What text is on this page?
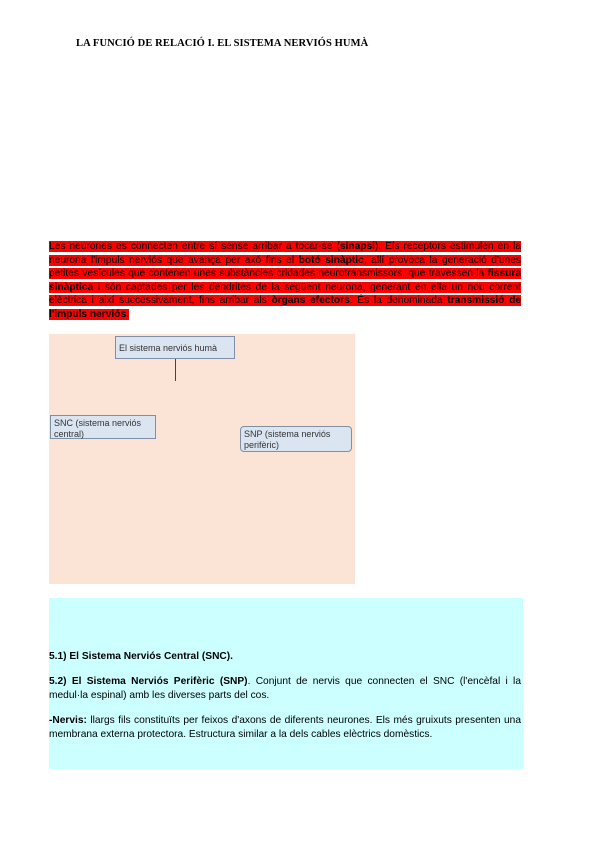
LA FUNCIÓ DE RELACIÓ I. EL SISTEMA NERVIÓS HUMÀ
Les neurones es connecten entre sí sense arribar a tocar-se (sinapsi). Els receptors estimulen en la neurona l'impuls nerviós que avança per axó fins el botó sinàptic, allí provoca la generació d'unes petites vesícules que contenen unes substàncies cridades neurotransmissors, que travessen la fissura sinàptica i són captades per les dendrites de la següent neurona, generant en ella un nou corrent elèctrica i així successivament, fins arribar als òrgans efectors. És la denominada transmissió de l'impuls nerviós.
El sistema nerviós humà
SNC (sistema nerviós central)	SNP (sistema nerviós perifèric)
5.1) El Sistema Nerviós Central (SNC).
5.2) El Sistema Nerviós Perifèric (SNP). Conjunt de nervis que connecten el SNC (l'encèfal i la medul·la espinal) amb les diverses parts del cos.
-Nervis: llargs fils constituïts per feixos d'axons de diferents neurones. Els més gruixuts presenten una membrana externa protectora. Estructura similar a la dels cables elèctrics domèstics.
